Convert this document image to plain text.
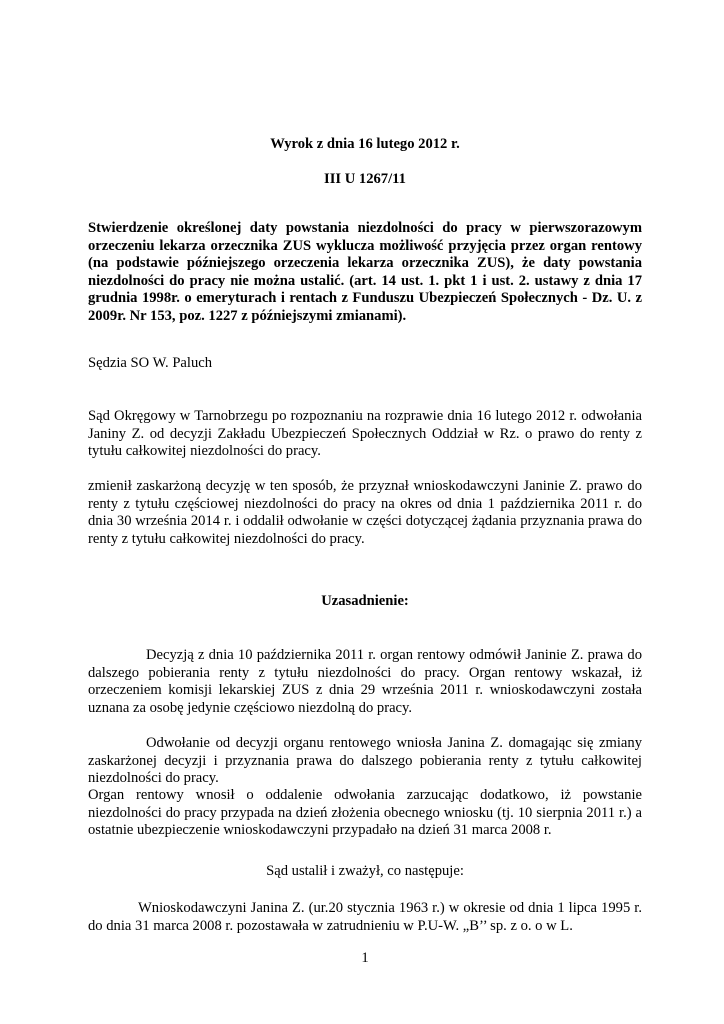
Wyrok z dnia 16 lutego 2012 r.
III U 1267/11
Stwierdzenie określonej daty powstania niezdolności do pracy w pierwszorazowym orzeczeniu lekarza orzecznika ZUS wyklucza możliwość przyjęcia przez organ rentowy (na podstawie późniejszego orzeczenia lekarza orzecznika ZUS), że daty powstania niezdolności do pracy nie można ustalić. (art. 14 ust. 1. pkt 1 i ust. 2. ustawy z dnia 17 grudnia 1998r. o emeryturach i rentach z Funduszu Ubezpieczeń Społecznych - Dz. U. z 2009r. Nr 153, poz. 1227 z późniejszymi zmianami).
Sędzia SO W. Paluch
Sąd Okręgowy w Tarnobrzegu po rozpoznaniu na rozprawie dnia 16 lutego 2012 r. odwołania Janiny Z. od decyzji Zakładu Ubezpieczeń Społecznych Oddział w Rz. o prawo do renty z tytułu całkowitej niezdolności do pracy.
zmienił zaskarżoną decyzję w ten sposób, że przyznał wnioskodawczyni Janinie Z. prawo do renty z tytułu częściowej niezdolności do pracy na okres od dnia 1 października 2011 r. do dnia 30 września 2014 r. i oddalił odwołanie w części dotyczącej żądania przyznania prawa do renty z tytułu całkowitej niezdolności do pracy.
Uzasadnienie:
Decyzją z dnia 10 października 2011 r. organ rentowy odmówił Janinie Z. prawa do dalszego pobierania renty z tytułu niezdolności do pracy. Organ rentowy wskazał, iż orzeczeniem komisji lekarskiej ZUS z dnia 29 września 2011 r. wnioskodawczyni została uznana za osobę jedynie częściowo niezdolną do pracy.
Odwołanie od decyzji organu rentowego wniosła Janina Z. domagając się zmiany zaskarżonej decyzji i przyznania prawa do dalszego pobierania renty z tytułu całkowitej niezdolności do pracy.
Organ rentowy wnosił o oddalenie odwołania zarzucając dodatkowo, iż powstanie niezdolności do pracy przypada na dzień złożenia obecnego wniosku (tj. 10 sierpnia 2011 r.) a ostatnie ubezpieczenie wnioskodawczyni przypadało na dzień 31 marca 2008 r.
Sąd ustalił i zważył, co następuje:
Wnioskodawczyni Janina Z. (ur.20 stycznia 1963 r.) w okresie od dnia 1 lipca 1995 r. do dnia 31 marca 2008 r. pozostawała w zatrudnieniu w P.U-W. „B’’ sp. z o. o w L.
1
